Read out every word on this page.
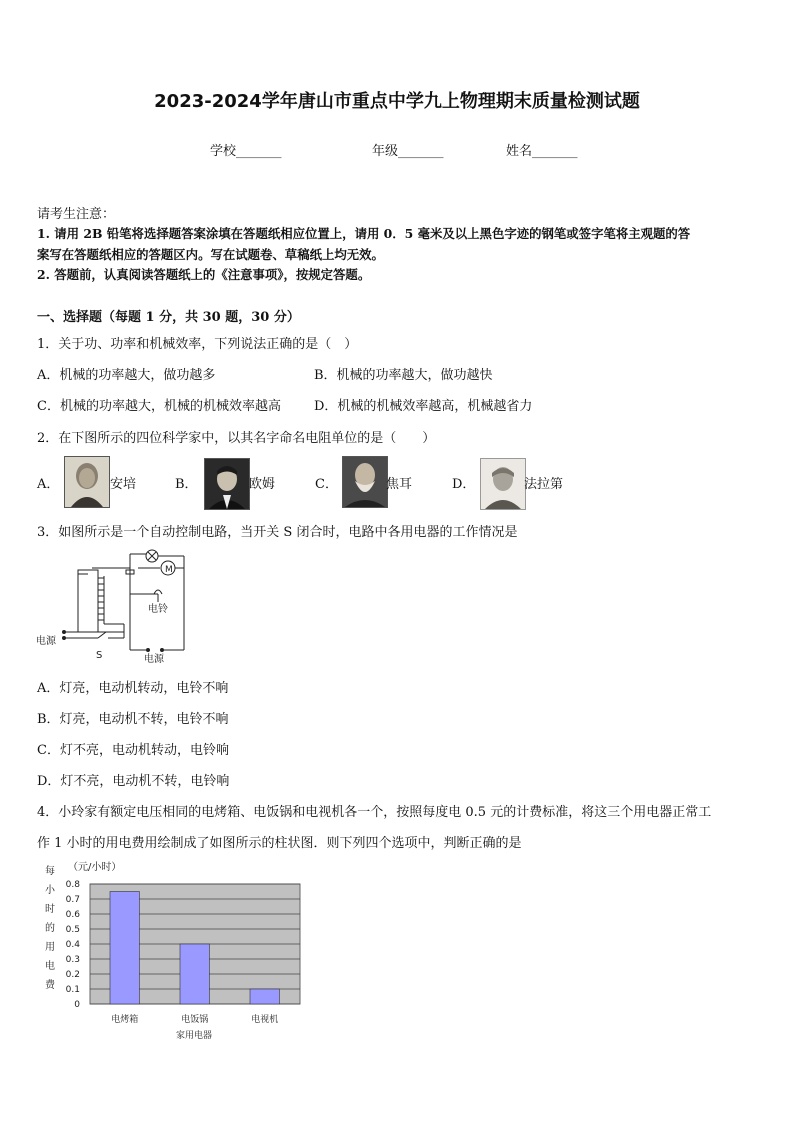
2023-2024学年唐山市重点中学九上物理期末质量检测试题
学校_______	年级_______	姓名_______
请考生注意：
1. 请用 2B 铅笔将选择题答案涂填在答题纸相应位置上，请用 0．5 毫米及以上黑色字迹的钢笔或签字笔将主观题的答
案写在答题纸相应的答题区内。写在试题卷、草稿纸上均无效。
2. 答题前，认真阅读答题纸上的《注意事项》，按规定答题。
一、选择题（每题 1 分，共 30 题，30 分）
1．关于功、功率和机械效率，下列说法正确的是（　）
A．机械的功率越大，做功越多	B．机械的功率越大，做功越快
C．机械的功率越大，机械的机械效率越高	D．机械的机械效率越高，机械越省力
2．在下图所示的四位科学家中，以其名字命名电阻单位的是（　　）
A．	安培	B．	欧姆	C．	焦耳	D．	法拉第
3．如图所示是一个自动控制电路，当开关 S 闭合时，电路中各用电器的工作情况是
M
电铃
电源
S	电源
A．灯亮，电动机转动，电铃不响
B．灯亮，电动机不转，电铃不响
C．灯不亮，电动机转动，电铃响
D．灯不亮，电动机不转，电铃响
4．小玲家有额定电压相同的电烤箱、电饭锅和电视机各一个，按照每度电 0.5 元的计费标准，将这三个用电器正常工
作 1 小时的用电费用绘制成了如图所示的柱状图．则下列四个选项中，判断正确的是
（元/小时）
每
小
时
的
用
电
费
0
0.1
0.2
0.3
0.4
0.5
0.6
0.7
0.8
电烤箱	电饭锅	电视机
家用电器
